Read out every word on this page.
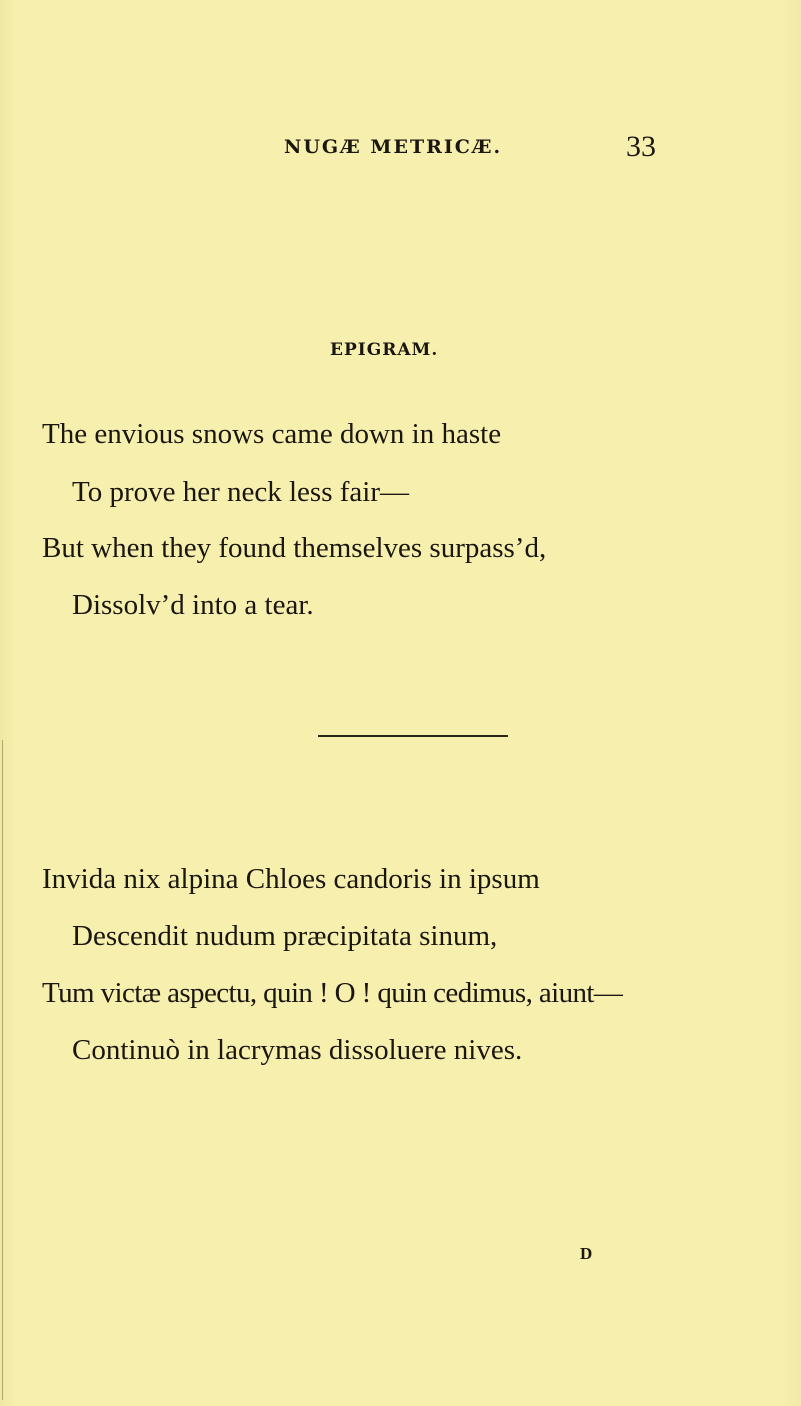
NUGÆ METRICÆ.	33
EPIGRAM.
The envious snows came down in haste
To prove her neck less fair—
But when they found themselves surpass’d,
Dissolv’d into a tear.
Invida nix alpina Chloes candoris in ipsum
Descendit nudum præcipitata sinum,
Tum victæ aspectu, quin ! O ! quin cedimus, aiunt—
Continuò in lacrymas dissoluere nives.
D
